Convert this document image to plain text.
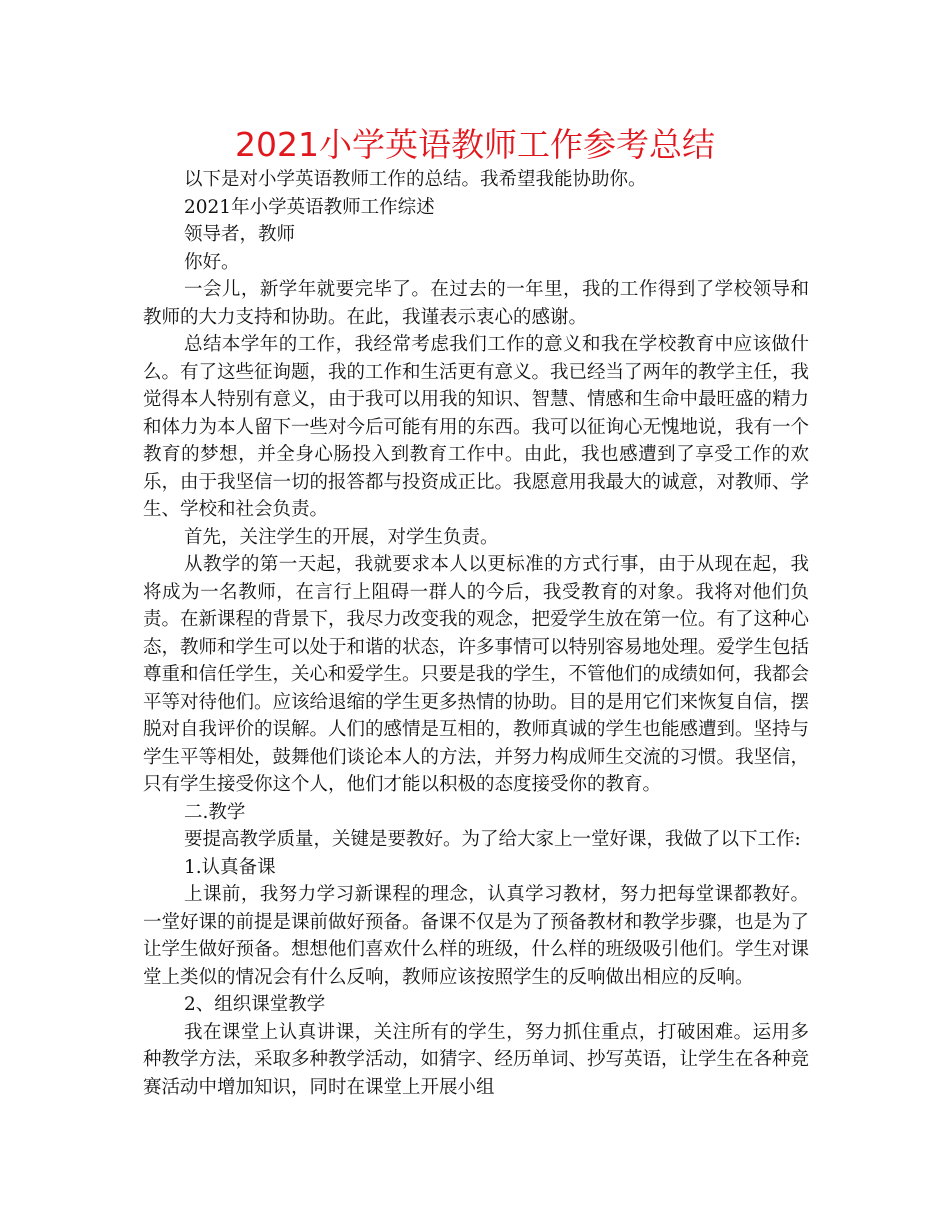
2021小学英语教师工作参考总结

以下是对小学英语教师工作的总结。我希望我能协助你。

2021年小学英语教师工作综述

领导者，教师

你好。

一会儿，新学年就要完毕了。在过去的一年里，我的工作得到了学校领导和教师的大力支持和协助。在此，我谨表示衷心的感谢。

总结本学年的工作，我经常考虑我们工作的意义和我在学校教育中应该做什么。有了这些征询题，我的工作和生活更有意义。我已经当了两年的教学主任，我觉得本人特别有意义，由于我可以用我的知识、智慧、情感和生命中最旺盛的精力和体力为本人留下一些对今后可能有用的东西。我可以征询心无愧地说，我有一个教育的梦想，并全身心肠投入到教育工作中。由此，我也感遭到了享受工作的欢乐，由于我坚信一切的报答都与投资成正比。我愿意用我最大的诚意，对教师、学生、学校和社会负责。

首先，关注学生的开展，对学生负责。

从教学的第一天起，我就要求本人以更标准的方式行事，由于从现在起，我将成为一名教师，在言行上阻碍一群人的今后，我受教育的对象。我将对他们负责。在新课程的背景下，我尽力改变我的观念，把爱学生放在第一位。有了这种心态，教师和学生可以处于和谐的状态，许多事情可以特别容易地处理。爱学生包括尊重和信任学生，关心和爱学生。只要是我的学生，不管他们的成绩如何，我都会平等对待他们。应该给退缩的学生更多热情的协助。目的是用它们来恢复自信，摆脱对自我评价的误解。人们的感情是互相的，教师真诚的学生也能感遭到。坚持与学生平等相处，鼓舞他们谈论本人的方法，并努力构成师生交流的习惯。我坚信，只有学生接受你这个人，他们才能以积极的态度接受你的教育。

二.教学

要提高教学质量，关键是要教好。为了给大家上一堂好课，我做了以下工作:

1.认真备课

上课前，我努力学习新课程的理念，认真学习教材，努力把每堂课都教好。一堂好课的前提是课前做好预备。备课不仅是为了预备教材和教学步骤，也是为了让学生做好预备。想想他们喜欢什么样的班级，什么样的班级吸引他们。学生对课堂上类似的情况会有什么反响，教师应该按照学生的反响做出相应的反响。

2、组织课堂教学

我在课堂上认真讲课，关注所有的学生，努力抓住重点，打破困难。运用多种教学方法，采取多种教学活动，如猜字、经历单词、抄写英语，让学生在各种竞赛活动中增加知识，同时在课堂上开展小组
